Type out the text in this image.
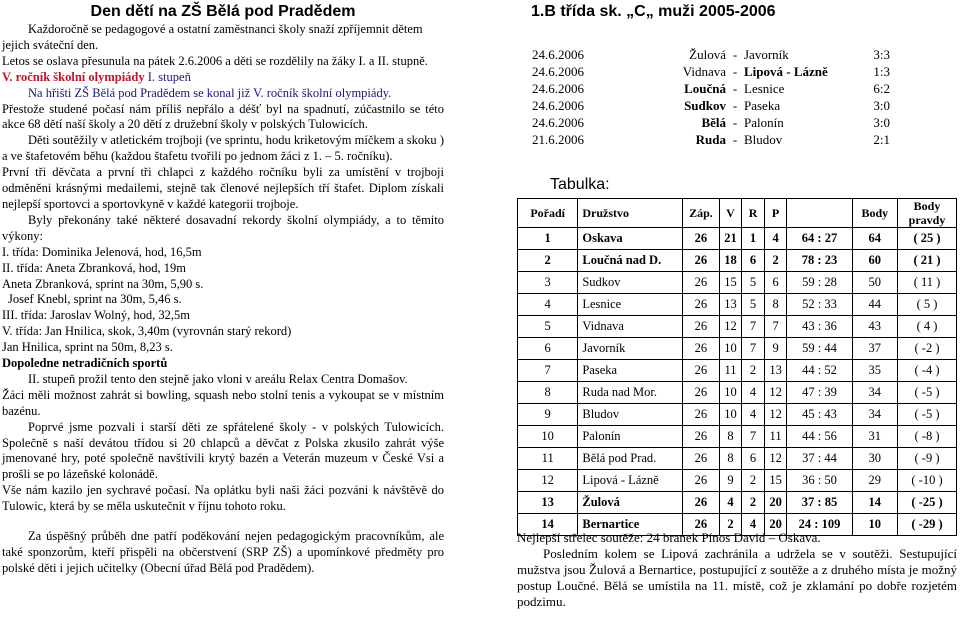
Den dětí na ZŠ Bělá pod Pradědem

Každoročně se pedagogové a ostatní zaměstnanci školy snaží zpříjemnit dětem jejich sváteční den.

Letos se oslava přesunula na pátek 2.6.2006 a děti se rozdělily na žáky I. a II. stupně.

V. ročník školní olympiády I. stupeň

Na hřišti ZŠ Bělá pod Pradědem se konal již V. ročník školní olympiády.

Přestože studené počasí nám příliš nepřálo a déšť byl na spadnutí, zúčastnilo se této akce 68 dětí naší školy a 20 dětí z družební školy v polských Tulowicích.

Děti soutěžily v atletickém trojboji (ve sprintu, hodu kriketovým míčkem a skoku ) a ve štafetovém běhu (každou štafetu tvořili po jednom žáci z 1. – 5. ročníku).

První tři děvčata a první tři chlapci z každého ročníku byli za umístění v trojboji odměněni krásnými medailemi, stejně tak členové nejlepších tří štafet. Diplom získali nejlepší sportovci a sportovkyně v každé kategorii trojboje.

Byly překonány také některé dosavadní rekordy školní olympiády, a to těmito výkony:

I. třída: Dominika Jelenová, hod, 16,5m

II. třída: Aneta Zbranková, hod, 19m

Aneta Zbranková, sprint na 30m, 5,90 s.

Josef Knebl, sprint na 30m, 5,46 s.

III. třída: Jaroslav Wolný, hod, 32,5m

V. třída: Jan Hnilica, skok, 3,40m (vyrovnán starý rekord)

Jan Hnilica, sprint na 50m, 8,23 s.

Dopoledne netradičních sportů

II. stupeň prožil tento den stejně jako vloni v areálu Relax Centra Domašov.

Žáci měli možnost zahrát si bowling, squash nebo stolní tenis a vykoupat se v místním bazénu.

Poprvé jsme pozvali i starší děti ze spřátelené školy - v polských Tulowicích. Společně s naší devátou třídou si 20 chlapců a děvčat z Polska zkusilo zahrát výše jmenované hry, poté společně navštívili krytý bazén a Veterán muzeum v České Vsi a prošli se po lázeňské kolonádě.

Vše nám kazilo jen sychravé počasí. Na oplátku byli naši žáci pozváni k návštěvě do Tulowic, která by se měla uskutečnit v říjnu tohoto roku.

Za úspěšný průběh dne patří poděkování nejen pedagogickým pracovníkům, ale také sponzorům, kteří přispěli na občerstvení (SRP ZŠ) a upomínkové předměty pro polské děti i jejich učitelky (Obecní úřad Bělá pod Pradědem).

1.B třída sk. „C„ muži 2005-2006

24.6.2006	Žulová - Javorník	3:3
24.6.2006	Vidnava - Lipová - Lázně	1:3
24.6.2006	Loučná - Lesnice	6:2
24.6.2006	Sudkov - Paseka	3:0
24.6.2006	Bělá - Palonín	3:0
21.6.2006	Ruda - Bludov	2:1
Tabulka:
Pořadí	Družstvo	Záp.	V	R	P		Body	Body pravdy
1	Oskava	26	21	1	4	64 : 27	64	( 25 )
2	Loučná nad D.	26	18	6	2	78 : 23	60	( 21 )
3	Sudkov	26	15	5	6	59 : 28	50	( 11 )
4	Lesnice	26	13	5	8	52 : 33	44	( 5 )
5	Vidnava	26	12	7	7	43 : 36	43	( 4 )
6	Javorník	26	10	7	9	59 : 44	37	( -2 )
7	Paseka	26	11	2	13	44 : 52	35	( -4 )
8	Ruda nad Mor.	26	10	4	12	47 : 39	34	( -5 )
9	Bludov	26	10	4	12	45 : 43	34	( -5 )
10	Palonín	26	8	7	11	44 : 56	31	( -8 )
11	Bělá pod Prad.	26	8	6	12	37 : 44	30	( -9 )
12	Lipová - Lázně	26	9	2	15	36 : 50	29	( -10 )
13	Žulová	26	4	2	20	37 : 85	14	( -25 )
14	Bernartice	26	2	4	20	24 : 109	10	( -29 )

Nejlepší střelec soutěže: 24 branek Pínos David – Oskava.

Posledním kolem se Lipová zachránila a udržela se v soutěži. Sestupující mužstva jsou Žulová a Bernartice, postupující z soutěže a z druhého místa je možný postup Loučné. Bělá se umístila na 11. místě, což je zklamání po dobře rozjetém podzimu.
